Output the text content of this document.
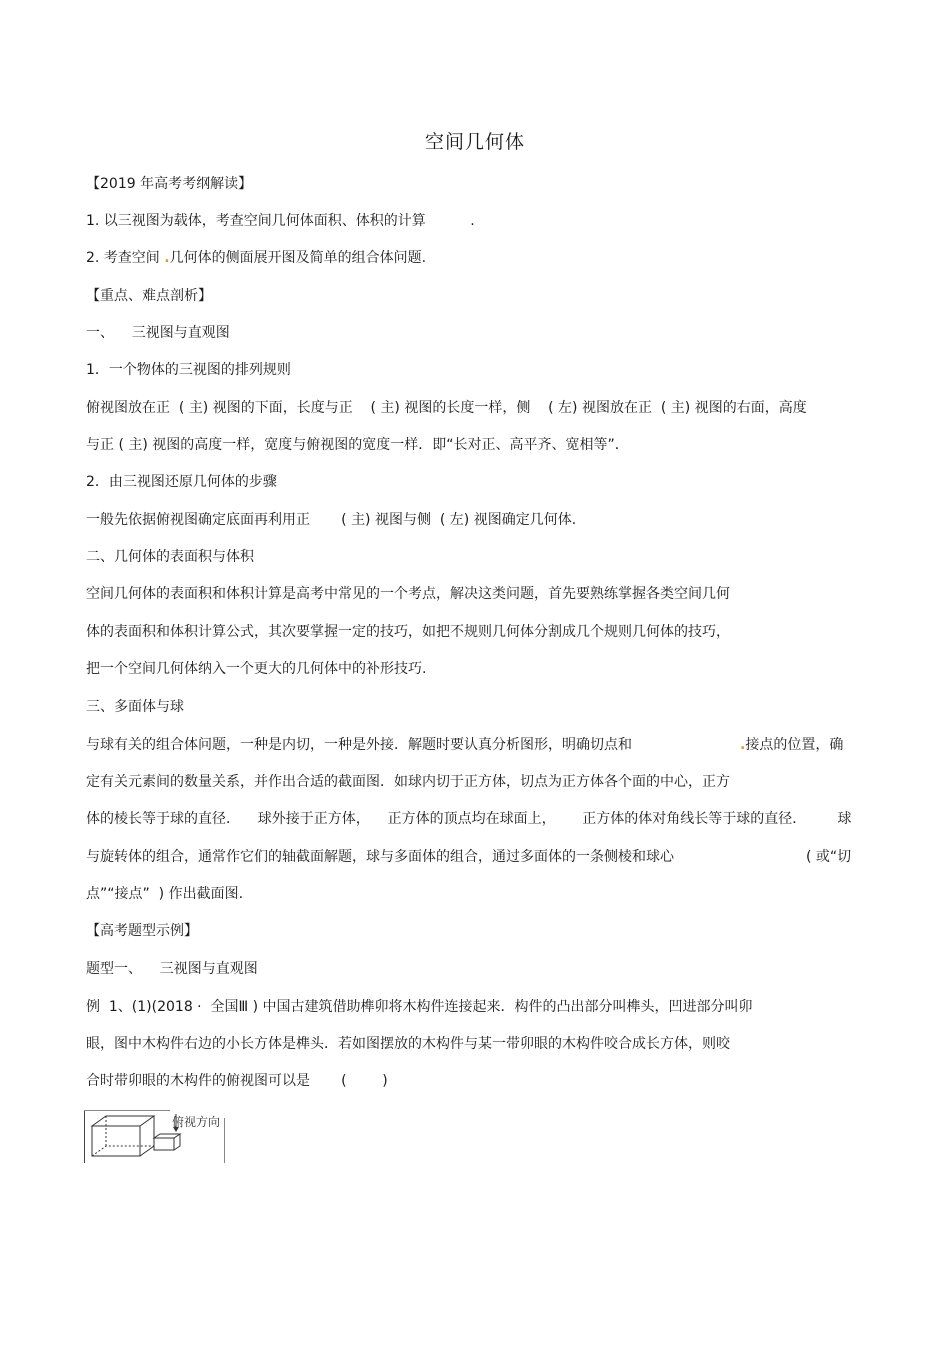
空间几何体
【2019 年高考考纲解读】
1. 以三视图为载体，考查空间几何体面积、体积的计算          .
2. 考查空间 .几何体的侧面展开图及简单的组合体问题.
【重点、难点剖析】
一、    三视图与直观图
1．一个物体的三视图的排列规则
俯视图放在正  ( 主) 视图的下面，长度与正    ( 主) 视图的长度一样，侧    ( 左) 视图放在正  ( 主) 视图的右面，高度
与正 ( 主) 视图的高度一样，宽度与俯视图的宽度一样．即“长对正、高平齐、宽相等”．
2．由三视图还原几何体的步骤
一般先依据俯视图确定底面再利用正       ( 主) 视图与侧  ( 左) 视图确定几何体.
二、几何体的表面积与体积
空间几何体的表面积和体积计算是高考中常见的一个考点，解决这类问题，首先要熟练掌握各类空间几何
体的表面积和体积计算公式，其次要掌握一定的技巧，如把不规则几何体分割成几个规则几何体的技巧，
把一个空间几何体纳入一个更大的几何体中的补形技巧.
三、多面体与球
与球有关的组合体问题，一种是内切，一种是外接．解题时要认真分析图形，明确切点和	.接点的位置，确
定有关元素间的数量关系，并作出合适的截面图．如球内切于正方体，切点为正方体各个面的中心，正方
体的棱长等于球的直径．    球外接于正方体，    正方体的顶点均在球面上，      正方体的体对角线长等于球的直径．       球
与旋转体的组合，通常作它们的轴截面解题，球与多面体的组合，通过多面体的一条侧棱和球心	( 或“切
点”“接点”  ) 作出截面图.
【高考题型示例】
题型一、    三视图与直观图
例  1、(1)(2018 ·  全国Ⅲ ) 中国古建筑借助榫卯将木构件连接起来．构件的凸出部分叫榫头，凹进部分叫卯
眼，图中木构件右边的小长方体是榫头．若如图摆放的木构件与某一带卯眼的木构件咬合成长方体，则咬
合时带卯眼的木构件的俯视图可以是       (        )
俯视方向
